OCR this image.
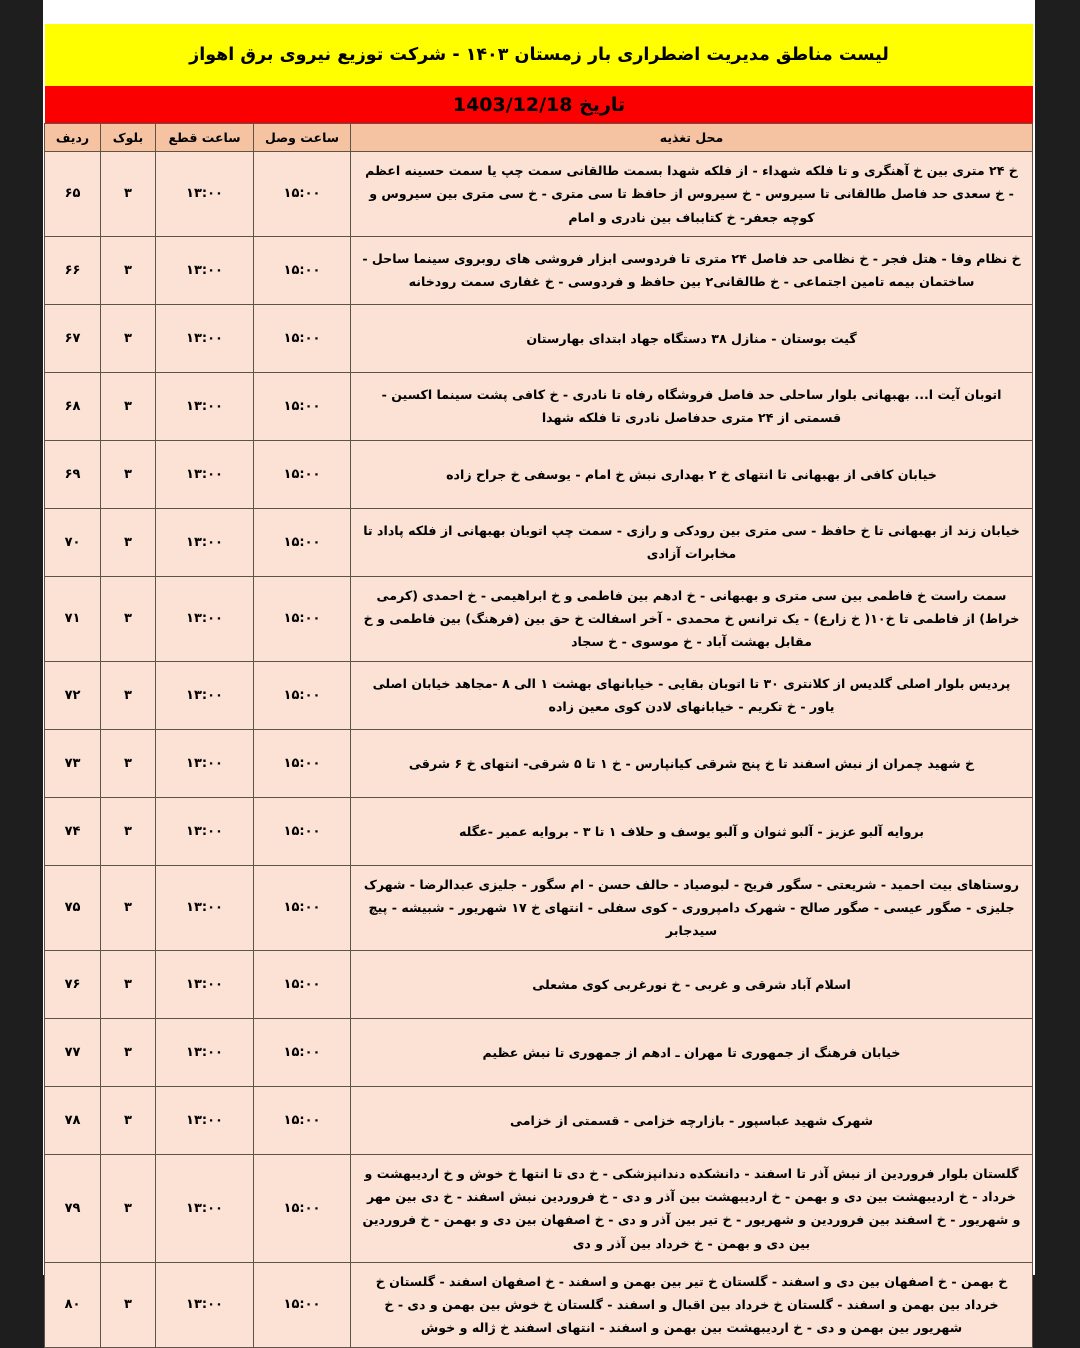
لیست مناطق مدیریت اضطراری بار زمستان ۱۴۰۳ - شرکت توزیع نیروی برق اهواز
تاریخ 1403/12/18
محل تغذیه	ساعت وصل	ساعت قطع	بلوک	ردیف
خ ۲۴ متری بین خ آهنگری و تا فلکه شهداء - از فلکه شهدا بسمت طالقانی سمت چپ یا سمت حسینه اعظم - خ سعدی حد فاصل طالقانی تا سیروس - خ سیروس از حافظ تا سی متری - خ سی متری بین سیروس و کوچه جعفر- خ کتابباف بین نادری و امام	۱۵:۰۰	۱۳:۰۰	۳	۶۵
خ نظام وفا - هتل فجر - خ نظامی حد فاصل ۲۴ متری تا فردوسی ابزار فروشی های روبروی سینما ساحل - ساختمان بیمه تامین اجتماعی - خ طالقانی۲ بین حافظ و فردوسی - خ غفاری سمت رودخانه	۱۵:۰۰	۱۳:۰۰	۳	۶۶
گیت بوستان - منازل ۳۸ دستگاه جهاد ابتدای بهارستان	۱۵:۰۰	۱۳:۰۰	۳	۶۷
اتوبان آیت ا... بهبهانی بلوار ساحلی حد فاصل فروشگاه رفاه تا نادری - خ کافی پشت سینما اکسین - قسمتی از ۲۴ متری حدفاصل نادری تا فلکه شهدا	۱۵:۰۰	۱۳:۰۰	۳	۶۸
خیابان کافی از بهبهانی تا انتهای خ ۲ بهداری نبش خ امام - یوسفی خ جراح زاده	۱۵:۰۰	۱۳:۰۰	۳	۶۹
خیابان زند از بهبهانی تا خ حافظ - سی متری بین رودکی و رازی - سمت چپ اتوبان بهبهانی از فلکه پاداد تا مخابرات آزادی	۱۵:۰۰	۱۳:۰۰	۳	۷۰
سمت راست خ فاطمی بین سی متری و بهبهانی - خ ادهم بین فاطمی و خ ابراهیمی - خ احمدی (کرمی خراط) از فاطمی تا خ۱۰( خ زارع) - یک ترانس خ محمدی - آخر اسفالت خ حق بین (فرهنگ) بین فاطمی و خ مقابل بهشت آباد - خ موسوی - خ سجاد	۱۵:۰۰	۱۳:۰۰	۳	۷۱
پردیس بلوار اصلی گلدیس از کلانتری ۳۰ تا اتوبان بقایی - خیابانهای بهشت ۱ الی ۸ -مجاهد خیابان اصلی یاور - خ تکریم - خیابانهای لادن کوی معین زاده	۱۵:۰۰	۱۳:۰۰	۳	۷۲
خ شهید چمران از نبش اسفند تا خ پنج شرقی کیانپارس - خ ۱ تا ۵ شرقی- انتهای خ ۶ شرقی	۱۵:۰۰	۱۳:۰۰	۳	۷۳
بروایه آلبو عزیز - آلبو ثنوان و آلبو یوسف و حلاف ۱ تا ۳ - بروایه عمیر -عگله	۱۵:۰۰	۱۳:۰۰	۳	۷۴
روستاهای بیت احمید - شریعتی - سگور فریح - لبوصیاد - حالف حسن - ام سگور - جلیزی عبدالرضا - شهرک جلیزی - صگور عیسی - صگور صالح - شهرک دامپروری - کوی سفلی - انتهای خ ۱۷ شهریور - شبیشه - پیچ سیدجابر	۱۵:۰۰	۱۳:۰۰	۳	۷۵
اسلام آباد شرقی و غربی - خ نورغربی کوی مشعلی	۱۵:۰۰	۱۳:۰۰	۳	۷۶
خیابان فرهنگ از جمهوری تا مهران ـ ادهم از جمهوری تا نبش عظیم	۱۵:۰۰	۱۳:۰۰	۳	۷۷
شهرک شهید عباسپور - بازارچه خزامی - قسمتی از خزامی	۱۵:۰۰	۱۳:۰۰	۳	۷۸
گلستان بلوار فروردین از نبش آذر تا اسفند - دانشکده دندانپزشکی - خ دی تا انتها خ خوش و خ اردیبهشت و خرداد - خ اردیبهشت بین دی و بهمن - خ اردیبهشت بین آذر و دی - خ فروردین نبش اسفند - خ دی بین مهر و شهریور - خ اسفند بین فروردین و شهریور - خ تیر بین آذر و دی - خ اصفهان بین دی و بهمن - خ فروردین بین دی و بهمن - خ خرداد بین آذر و دی	۱۵:۰۰	۱۳:۰۰	۳	۷۹
خ بهمن - خ اصفهان بین دی و اسفند - گلستان خ تیر بین بهمن و اسفند - خ اصفهان اسفند - گلستان خ خرداد بین بهمن و اسفند - گلستان خ خرداد بین اقبال و اسفند - گلستان خ خوش بین بهمن و دی - خ شهریور بین بهمن و دی - خ اردیبهشت بین بهمن و اسفند - انتهای اسفند خ ژاله و خوش	۱۵:۰۰	۱۳:۰۰	۳	۸۰
